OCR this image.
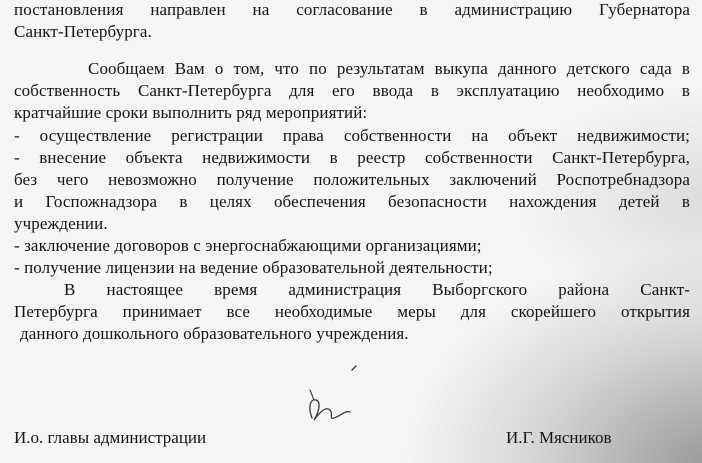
постановления направлен на согласование в администрацию Губернатора
Санкт-Петербурга.
Сообщаем Вам о том, что по результатам выкупа данного детского сада в
собственность Санкт-Петербурга для его ввода в эксплуатацию необходимо в
кратчайшие сроки выполнить ряд мероприятий:
- осуществление регистрации права собственности на объект недвижимости;
- внесение объекта недвижимости в реестр собственности Санкт-Петербурга,
без чего невозможно получение положительных заключений Роспотребнадзора
и Госпожнадзора в целях обеспечения безопасности нахождения детей в
учреждении.
- заключение договоров с энергоснабжающими организациями;
- получение лицензии на ведение образовательной деятельности;
В настоящее время администрация Выборгского района Санкт-
Петербурга принимает все необходимые меры для скорейшего открытия
данного дошкольного образовательного учреждения.
И.о. главы администрации	И.Г. Мясников
